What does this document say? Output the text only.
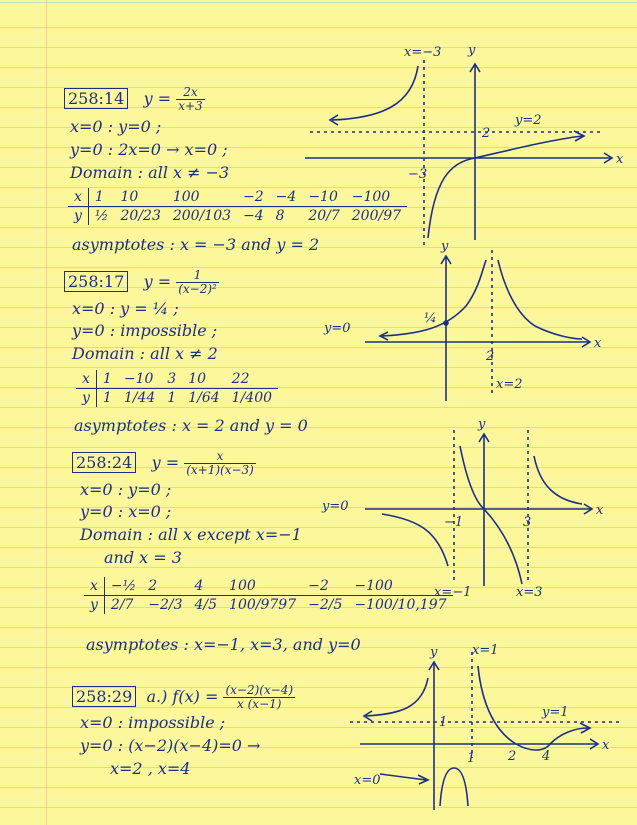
258:14 $y = \frac{2x}{x+3}$
x=0 : y=0 ;
y=0 : 2x=0 → x=0 ;
Domain : all x ≠ −3
x	1	10	100	−2	−4	−10	−100
y	½	20/23	200/103	−4	8	20/7	200/97
asymptotes : x = −3 and y = 2
x=−3 y
x
y=2
2
−3
258:17 $y = \frac{1}{\text{(x−2)²}}$
x=0 : y = ¼ ;
y=0 : impossible ;
Domain : all x ≠ 2
x	1	−10	3	10	22
y	1	1/44	1	1/64	1/400
asymptotes : x = 2 and y = 0
y
x
y=0
¼
2
x=2
258:24 $y = \frac{x}{(x+1)(x-3)}$
x=0 : y=0 ;
y=0 : x=0 ;
Domain : all x except x=−1
and x = 3
x	−½	2	4	100	−2	−100
y	2/7	−2/3	4/5	100/9797	−2/5	−100/10,197
asymptotes : x=−1, x=3, and y=0
y
x
y=0
−1	3
x=−1	x=3
258:29 a.) $f(x) = \frac{(x-2)(x-4)}{x (x-1)}$
x=0 : impossible ;
y=0 : (x−2)(x−4)=0 →
x=2 , x=4
y
x
x=1
y=1
1
1	2 4
x=0
